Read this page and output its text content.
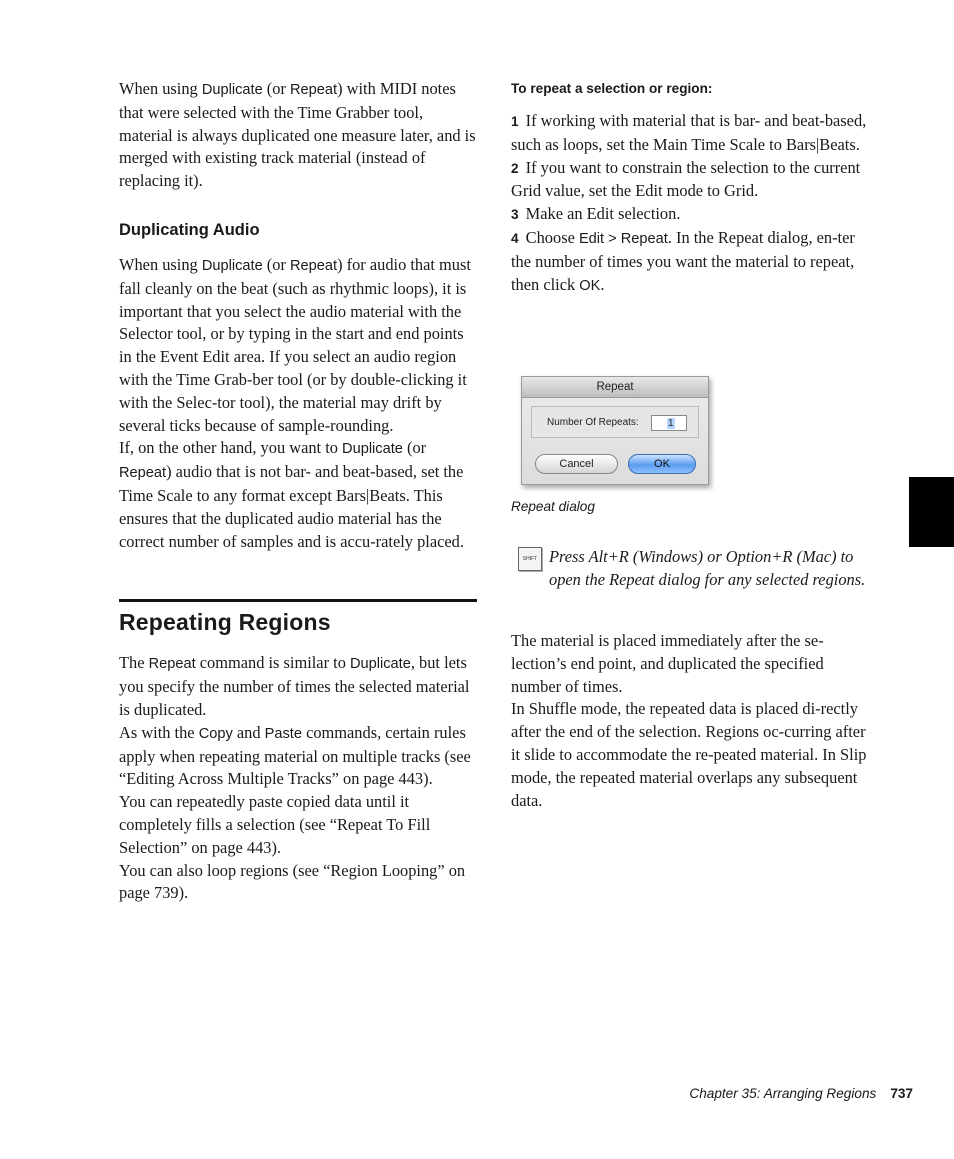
When using Duplicate (or Repeat) with MIDI notes that were selected with the Time Grabber tool, material is always duplicated one measure later, and is merged with existing track material (instead of replacing it).

Duplicating Audio

When using Duplicate (or Repeat) for audio that must fall cleanly on the beat (such as rhythmic loops), it is important that you select the audio material with the Selector tool, or by typing in the start and end points in the Event Edit area. If you select an audio region with the Time Grab-ber tool (or by double-clicking it with the Selec-tor tool), the material may drift by several ticks because of sample-rounding.

If, on the other hand, you want to Duplicate (or Repeat) audio that is not bar- and beat-based, set the Time Scale to any format except Bars|Beats. This ensures that the duplicated audio material has the correct number of samples and is accu-rately placed.

Repeating Regions

The Repeat command is similar to Duplicate, but lets you specify the number of times the selected material is duplicated.

As with the Copy and Paste commands, certain rules apply when repeating material on multiple tracks (see “Editing Across Multiple Tracks” on page 443).

You can repeatedly paste copied data until it completely fills a selection (see “Repeat To Fill Selection” on page 443).

You can also loop regions (see “Region Looping” on page 739).

To repeat a selection or region:

1 If working with material that is bar- and beat-based, such as loops, set the Main Time Scale to Bars|Beats.

2 If you want to constrain the selection to the current Grid value, set the Edit mode to Grid.

3 Make an Edit selection.

4 Choose Edit > Repeat. In the Repeat dialog, en-ter the number of times you want the material to repeat, then click OK.

Repeat
Number Of Repeats:	1
Cancel	OK
Repeat dialog
SHIFT Press Alt+R (Windows) or Option+R (Mac) to open the Repeat dialog for any selected regions.

The material is placed immediately after the se-lection’s end point, and duplicated the specified number of times.

In Shuffle mode, the repeated data is placed di-rectly after the end of the selection. Regions oc-curring after it slide to accommodate the re-peated material. In Slip mode, the repeated material overlaps any subsequent data.

Chapter 35: Arranging Regions 737
